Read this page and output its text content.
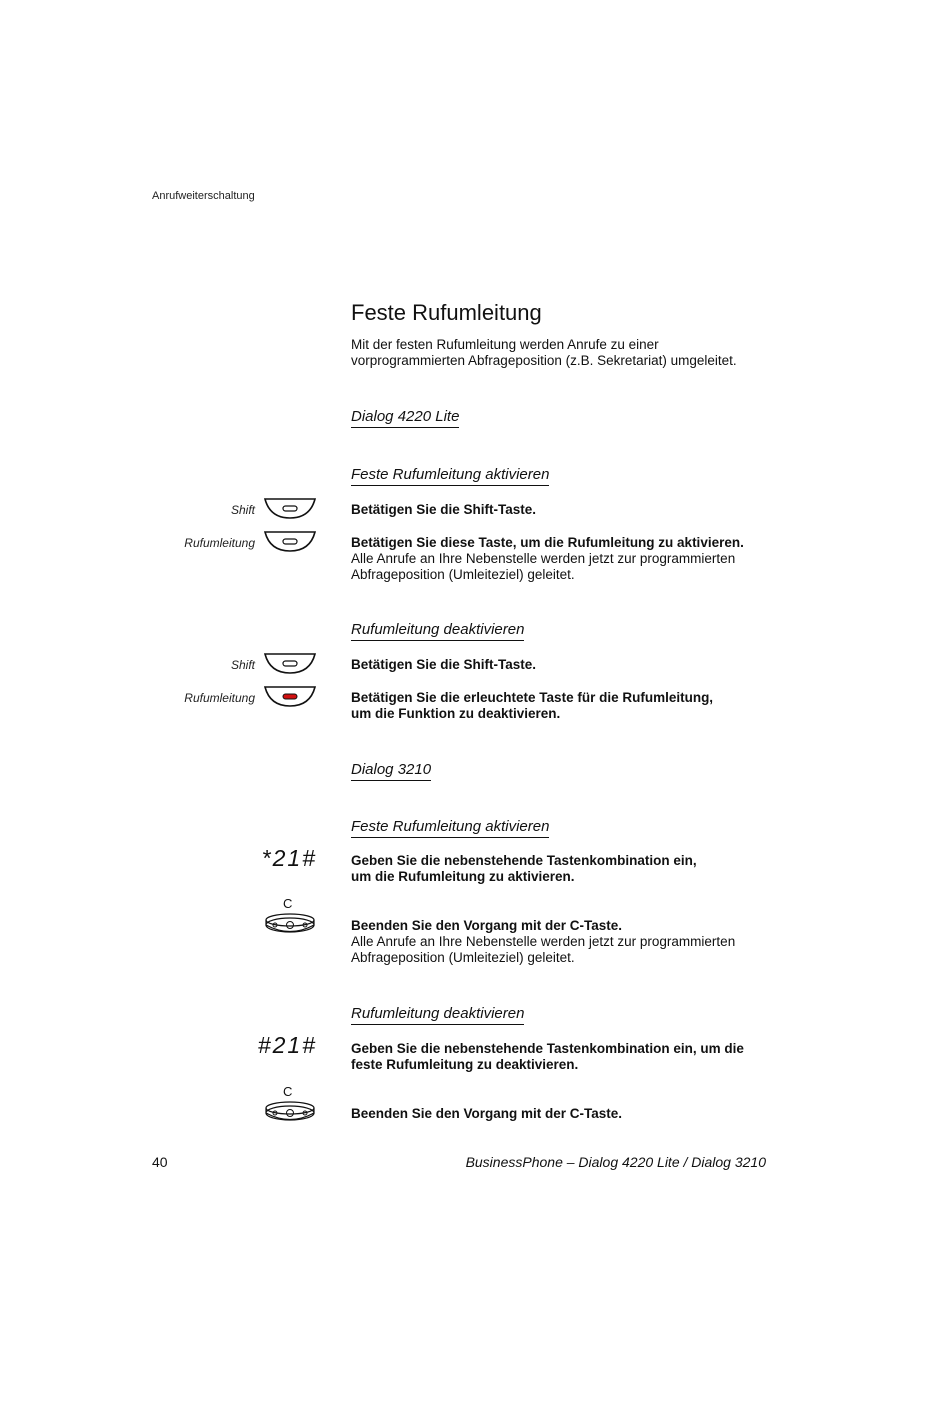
Anrufweiterschaltung
Feste Rufumleitung
Mit der festen Rufumleitung werden Anrufe zu einer
vorprogrammierten Abfrageposition (z.B. Sekretariat) umgeleitet.
Dialog 4220 Lite
Feste Rufumleitung aktivieren
Shift	Betätigen Sie die Shift-Taste.
Rufumleitung	Betätigen Sie diese Taste, um die Rufumleitung zu aktivieren.
Alle Anrufe an Ihre Nebenstelle werden jetzt zur programmierten
Abfrageposition (Umleiteziel) geleitet.
Rufumleitung deaktivieren
Shift	Betätigen Sie die Shift-Taste.
Rufumleitung	Betätigen Sie die erleuchtete Taste für die Rufumleitung,
um die Funktion zu deaktivieren.
Dialog 3210
Feste Rufumleitung aktivieren
*21#	Geben Sie die nebenstehende Tastenkombination ein,
um die Rufumleitung zu aktivieren.
C
Beenden Sie den Vorgang mit der C-Taste.
Alle Anrufe an Ihre Nebenstelle werden jetzt zur programmierten
Abfrageposition (Umleiteziel) geleitet.
Rufumleitung deaktivieren
#21#	Geben Sie die nebenstehende Tastenkombination ein, um die
feste Rufumleitung zu deaktivieren.
C
Beenden Sie den Vorgang mit der C-Taste.
40	BusinessPhone – Dialog 4220 Lite / Dialog 3210
